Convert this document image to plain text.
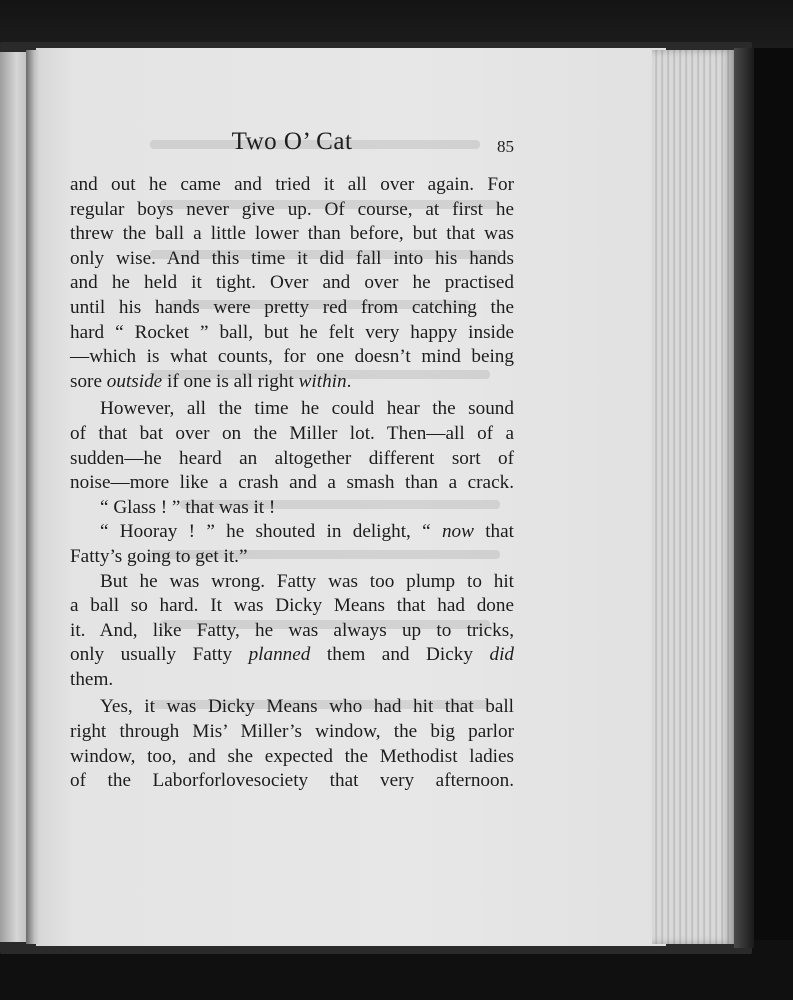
Two O’ Cat	85
and out he came and tried it all over again. For
regular boys never give up. Of course, at first he
threw the ball a little lower than before, but that was
only wise. And this time it did fall into his hands
and he held it tight. Over and over he practised
until his hands were pretty red from catching the
hard “ Rocket ” ball, but he felt very happy inside
—which is what counts, for one doesn’t mind being
sore outside if one is all right within.
However, all the time he could hear the sound
of that bat over on the Miller lot. Then—all of a
sudden—he heard an altogether different sort of
noise—more like a crash and a smash than a crack.
“ Glass ! ” that was it !
“ Hooray ! ” he shouted in delight, “ now that
Fatty’s going to get it.”
But he was wrong. Fatty was too plump to hit
a ball so hard. It was Dicky Means that had done
it. And, like Fatty, he was always up to tricks,
only usually Fatty planned them and Dicky did
them.
Yes, it was Dicky Means who had hit that ball
right through Mis’ Miller’s window, the big parlor
window, too, and she expected the Methodist ladies
of the Laborforlovesociety that very afternoon.
